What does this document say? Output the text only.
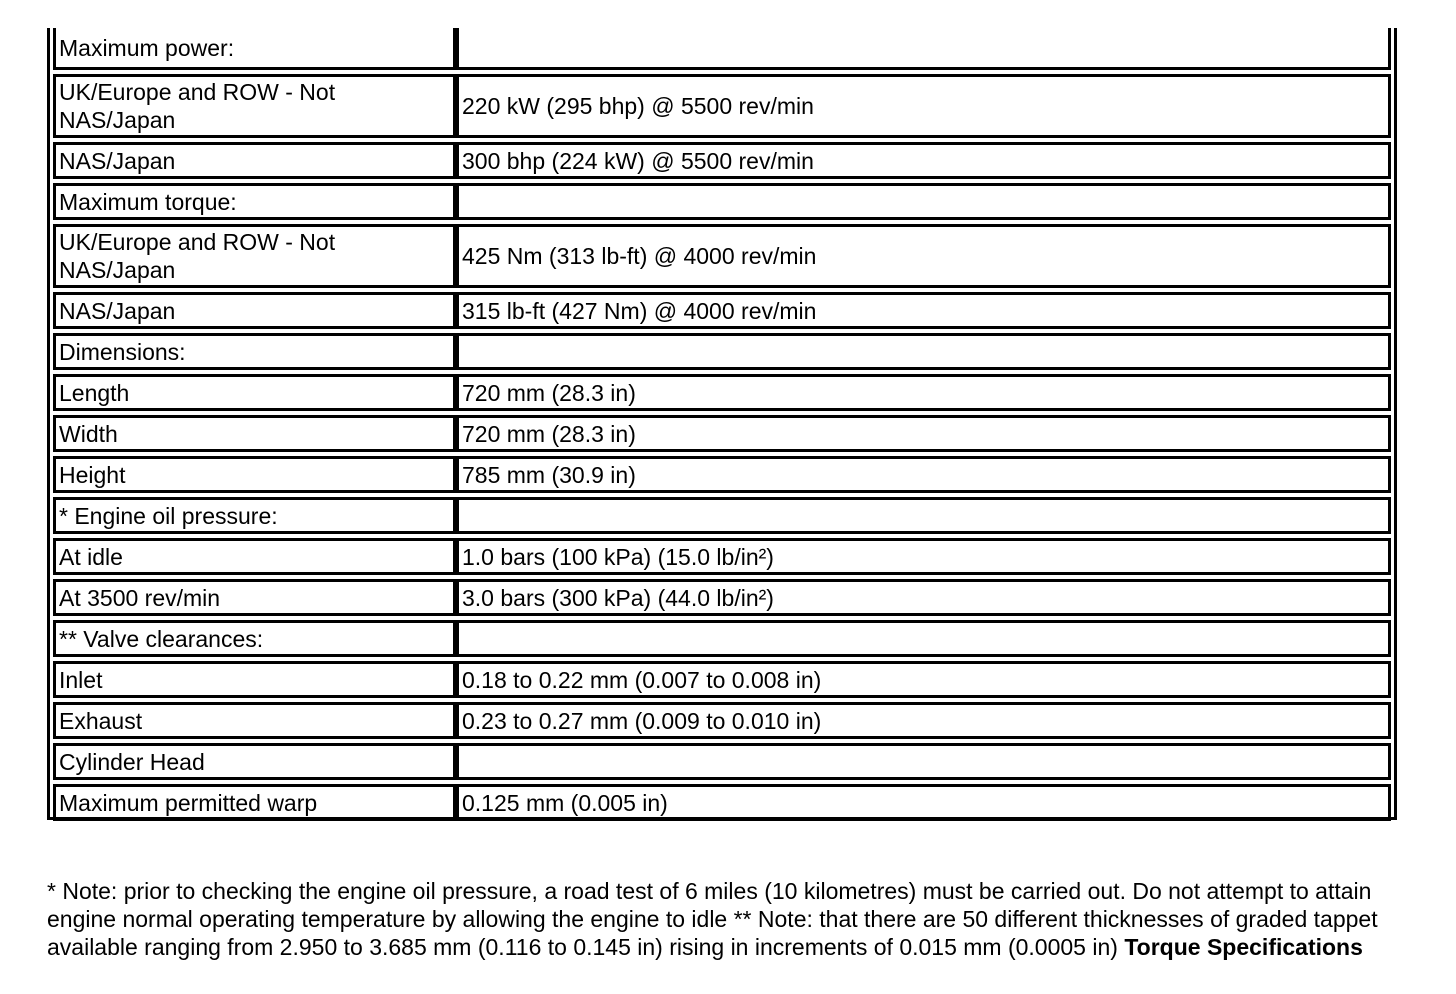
Maximum power:	

UK/Europe and ROW - Not NAS/Japan	220 kW (295 bhp) @ 5500 rev/min

NAS/Japan	300 bhp (224 kW) @ 5500 rev/min

Maximum torque:	

UK/Europe and ROW - Not NAS/Japan	425 Nm (313 lb-ft) @ 4000 rev/min

NAS/Japan	315 lb-ft (427 Nm) @ 4000 rev/min

Dimensions:	

Length	720 mm (28.3 in)

Width	720 mm (28.3 in)

Height	785 mm (30.9 in)

* Engine oil pressure:	

At idle	1.0 bars (100 kPa) (15.0 lb/in²)

At 3500 rev/min	3.0 bars (300 kPa) (44.0 lb/in²)

** Valve clearances:	

Inlet	0.18 to 0.22 mm (0.007 to 0.008 in)

Exhaust	0.23 to 0.27 mm (0.009 to 0.010 in)

Cylinder Head	

Maximum permitted warp	0.125 mm (0.005 in)
* Note: prior to checking the engine oil pressure, a road test of 6 miles (10 kilometres) must be carried out. Do not attempt to attain engine normal operating temperature by allowing the engine to idle ** Note: that there are 50 different thicknesses of graded tappet available ranging from 2.950 to 3.685 mm (0.116 to 0.145 in) rising in increments of 0.015 mm (0.0005 in) Torque Specifications
